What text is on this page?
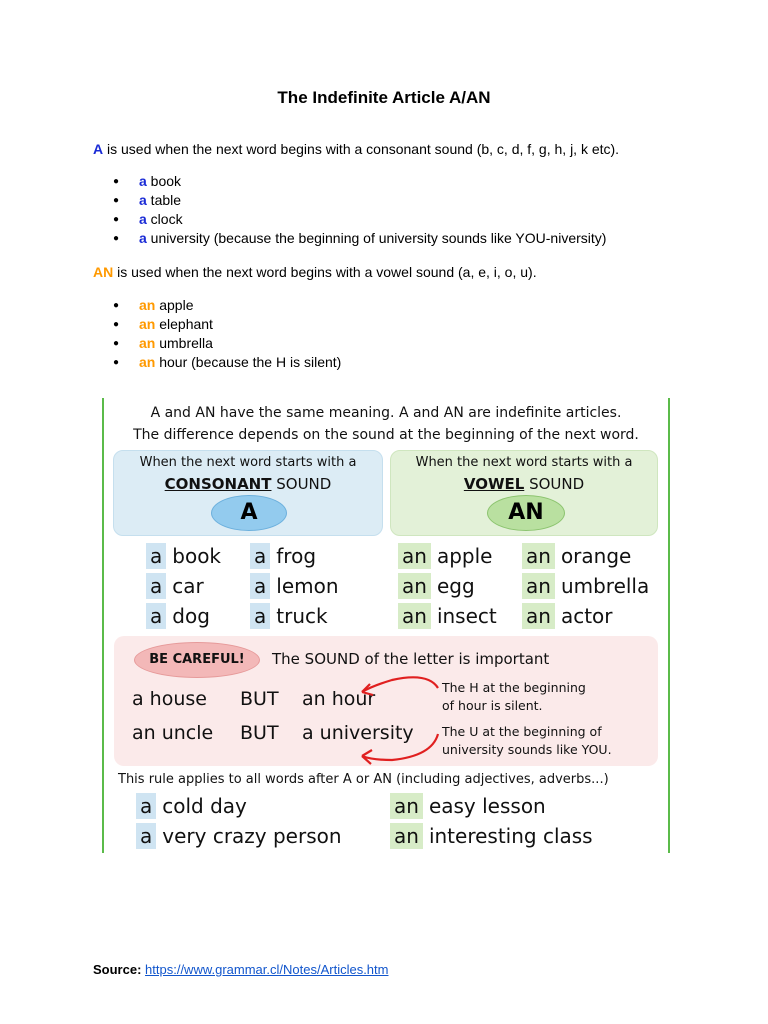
The Indefinite Article A/AN
A is used when the next word begins with a consonant sound (b, c, d, f, g, h, j, k etc).
● a book
● a table
● a clock
● a university (because the beginning of university sounds like YOU-niversity)
AN is used when the next word begins with a vowel sound (a, e, i, o, u).
● an apple
● an elephant
● an umbrella
● an hour (because the H is silent)
A and AN have the same meaning. A and AN are indefinite articles.
The difference depends on the sound at the beginning of the next word.
When the next word starts with a
CONSONANT SOUND
A
When the next word starts with a
VOWEL SOUND
AN
a book a frog
a car	a lemon
a dog a truck
an apple an orange
an egg	an umbrella
an insect an actor
BE CAREFUL!	The SOUND of the letter is important
a house BUT an hour
an uncle BUT a university
The H at the beginning
of hour is silent.
The U at the beginning of
university sounds like YOU.
This rule applies to all words after A or AN (including adjectives, adverbs...)
a cold day	an easy lesson
a very crazy person	an interesting class
Source: https://www.grammar.cl/Notes/Articles.htm
